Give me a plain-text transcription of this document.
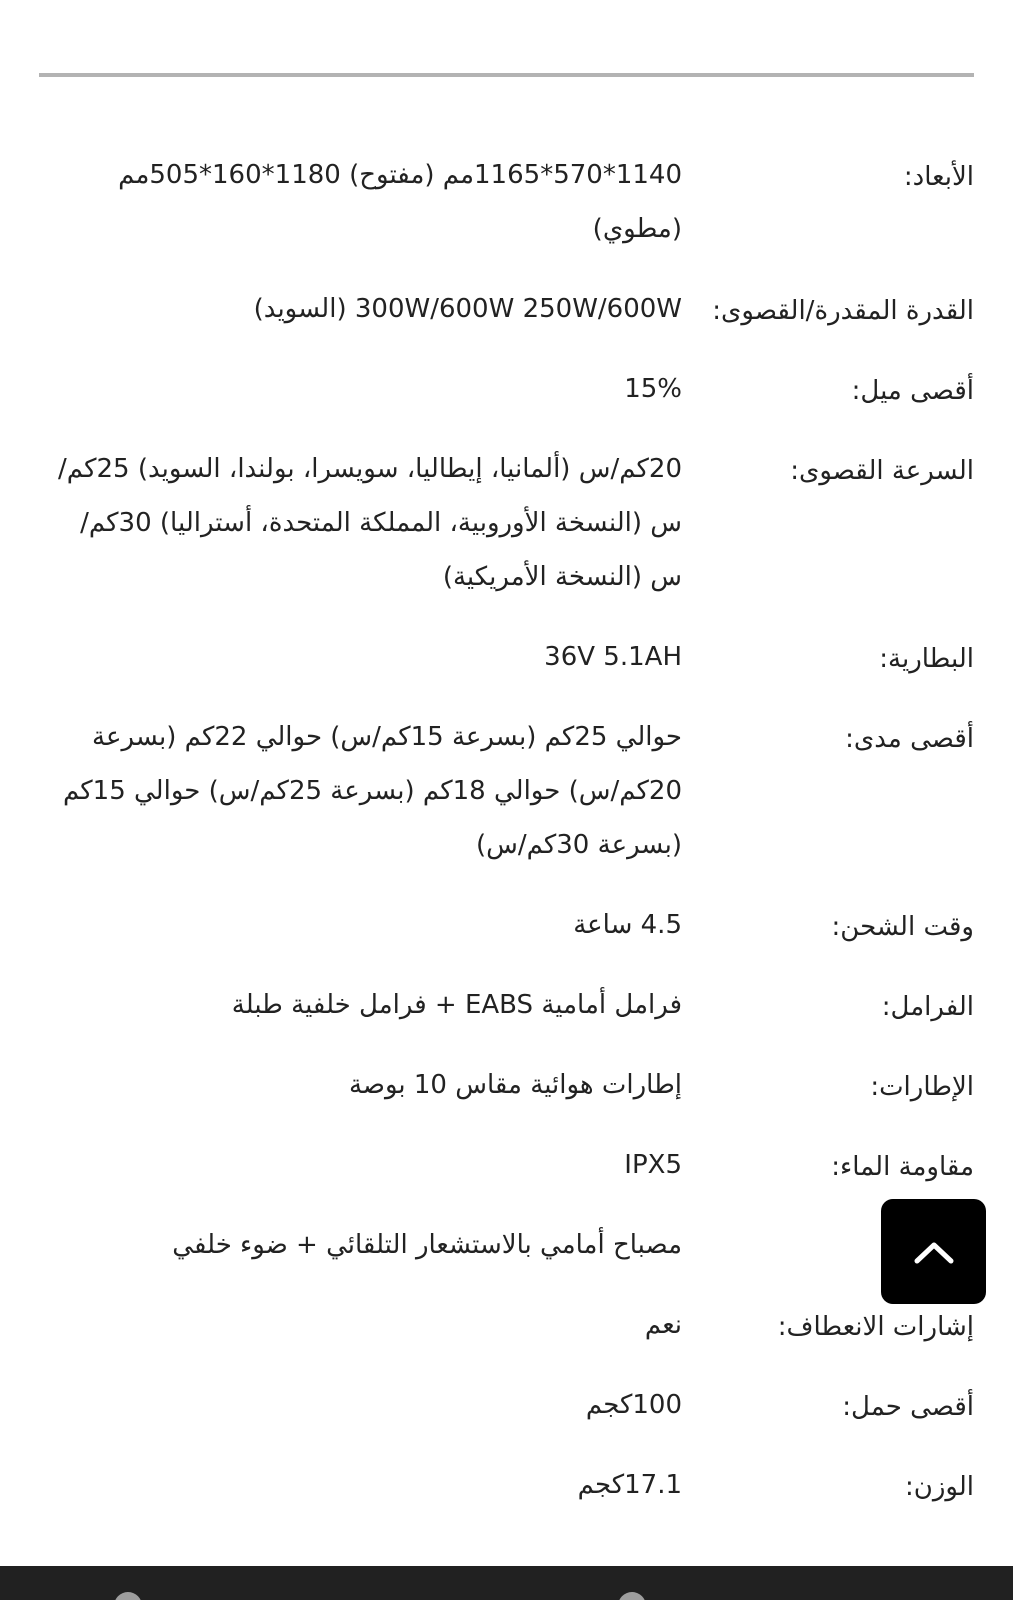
الأبعاد:
1140*570*1165مم (مفتوح) 1180*160*505مم
(مطوي)
القدرة المقدرة/القصوى:
300W/600W 250W/600W (السويد)
أقصى ميل:
15%
السرعة القصوى:
20كم/س (ألمانيا، إيطاليا، سويسرا، بولندا، السويد) 25كم/
س (النسخة الأوروبية، المملكة المتحدة، أستراليا) 30كم/
س (النسخة الأمريكية)
البطارية:
36V 5.1AH
أقصى مدى:
حوالي 25كم (بسرعة 15كم/س) حوالي 22كم (بسرعة
20كم/س) حوالي 18كم (بسرعة 25كم/س) حوالي 15كم
(بسرعة 30كم/س)
وقت الشحن:
4.5 ساعة
الفرامل:
فرامل أمامية EABS + فرامل خلفية طبلة
الإطارات:
إطارات هوائية مقاس 10 بوصة
مقاومة الماء:
IPX5
مصباح أمامي بالاستشعار التلقائي + ضوء خلفي
إشارات الانعطاف:
نعم
أقصى حمل:
100كجم
الوزن:
17.1كجم
